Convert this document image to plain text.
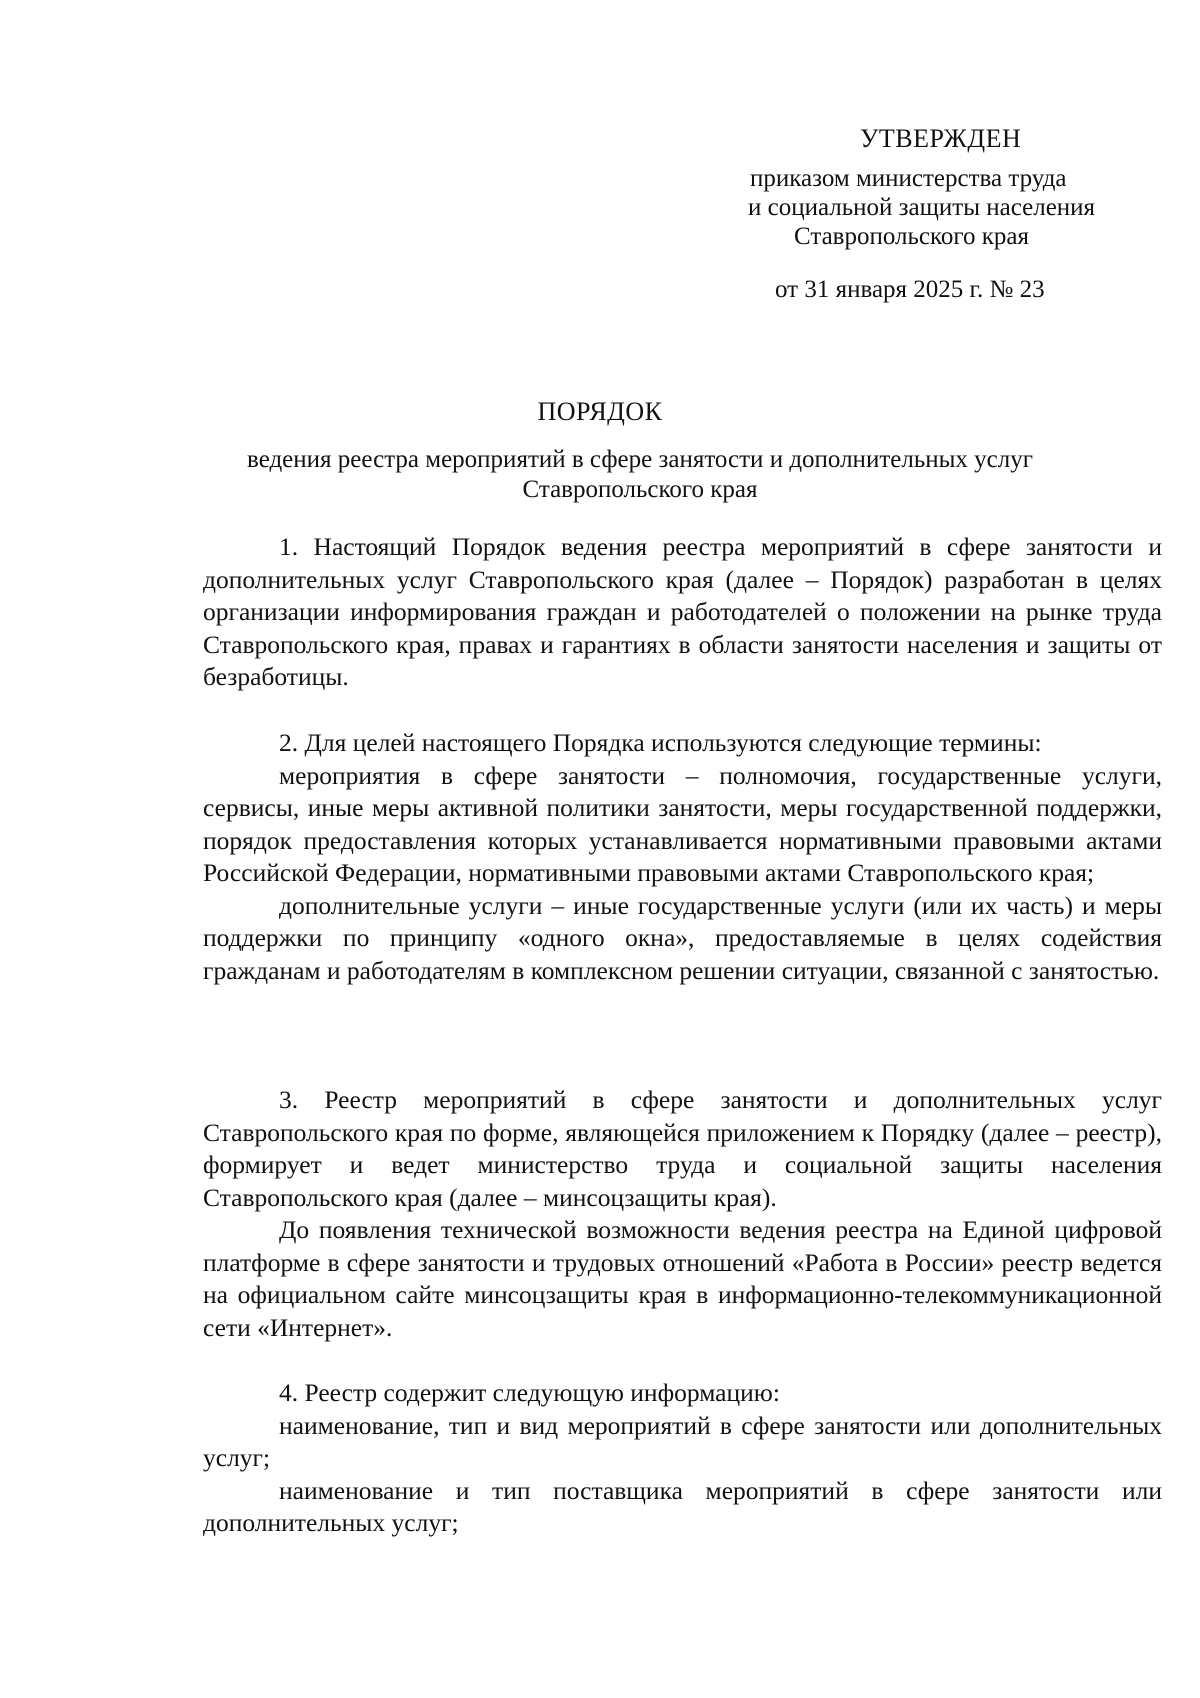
УТВЕРЖДЕН
приказом министерства труда
и социальной защиты населения
Ставропольского края
от 31 января 2025 г. № 23
ПОРЯДОК
ведения реестра мероприятий в сфере занятости и дополнительных услуг
Ставропольского края

1. Настоящий Порядок ведения реестра мероприятий в сфере занятости и дополнительных услуг Ставропольского края (далее – Порядок) разработан в целях организации информирования граждан и работодателей о положении на рынке труда Ставропольского края, правах и гарантиях в области занятости населения и защиты от безработицы.

2. Для целей настоящего Порядка используются следующие термины:

мероприятия в сфере занятости – полномочия, государственные услуги, сервисы, иные меры активной политики занятости, меры государственной поддержки, порядок предоставления которых устанавливается нормативными правовыми актами Российской Федерации, нормативными правовыми актами Ставропольского края;

дополнительные услуги – иные государственные услуги (или их часть) и меры поддержки по принципу «одного окна», предоставляемые в целях содействия гражданам и работодателям в комплексном решении ситуации, связанной с занятостью.

3. Реестр мероприятий в сфере занятости и дополнительных услуг Ставропольского края по форме, являющейся приложением к Порядку (далее – реестр), формирует и ведет министерство труда и социальной защиты населения Ставропольского края (далее – минсоцзащиты края).

До появления технической возможности ведения реестра на Единой цифровой платформе в сфере занятости и трудовых отношений «Работа в России» реестр ведется на официальном сайте минсоцзащиты края в информационно-телекоммуникационной сети «Интернет».

4. Реестр содержит следующую информацию:

наименование, тип и вид мероприятий в сфере занятости или дополнительных услуг;

наименование и тип поставщика мероприятий в сфере занятости или дополнительных услуг;
